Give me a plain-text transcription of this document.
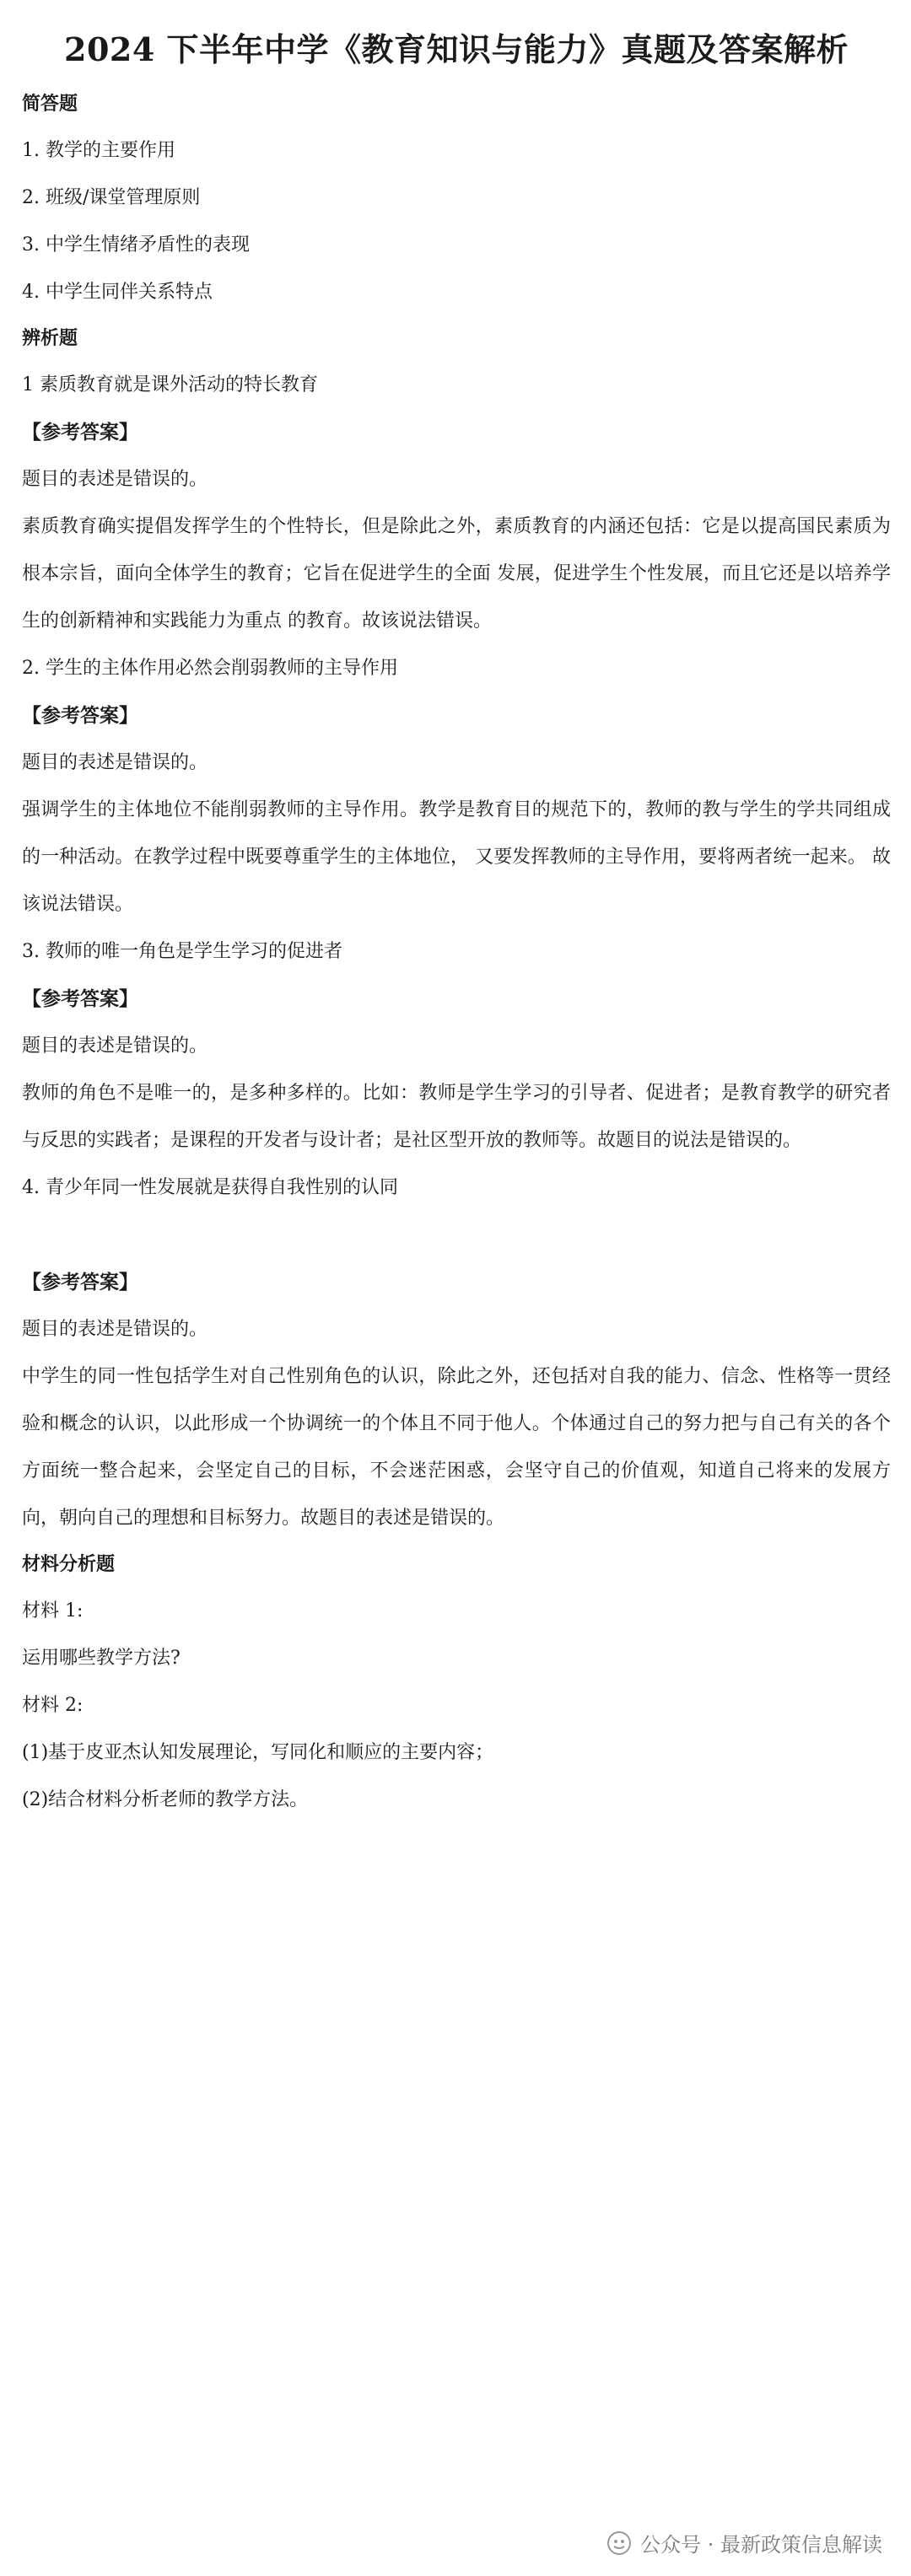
2024 下半年中学《教育知识与能力》真题及答案解析
简答题
1. 教学的主要作用
2. 班级/课堂管理原则
3. 中学生情绪矛盾性的表现
4. 中学生同伴关系特点
辨析题
1 素质教育就是课外活动的特长教育
【参考答案】
题目的表述是错误的。
素质教育确实提倡发挥学生的个性特长，但是除此之外，素质教育的内涵还包括：它是以提高国民素质为根本宗旨，面向全体学生的教育；它旨在促进学生的全面 发展，促进学生个性发展，而且它还是以培养学生的创新精神和实践能力为重点 的教育。故该说法错误。
2. 学生的主体作用必然会削弱教师的主导作用
【参考答案】
题目的表述是错误的。
强调学生的主体地位不能削弱教师的主导作用。教学是教育目的规范下的，教师的教与学生的学共同组成的一种活动。在教学过程中既要尊重学生的主体地位， 又要发挥教师的主导作用，要将两者统一起来。 故该说法错误。
3. 教师的唯一角色是学生学习的促进者
【参考答案】
题目的表述是错误的。
教师的角色不是唯一的，是多种多样的。比如：教师是学生学习的引导者、促进者；是教育教学的研究者与反思的实践者；是课程的开发者与设计者；是社区型开放的教师等。故题目的说法是错误的。
4. 青少年同一性发展就是获得自我性别的认同
【参考答案】
题目的表述是错误的。
中学生的同一性包括学生对自己性别角色的认识，除此之外，还包括对自我的能力、信念、性格等一贯经验和概念的认识，以此形成一个协调统一的个体且不同于他人。个体通过自己的努力把与自己有关的各个方面统一整合起来，会坚定自己的目标，不会迷茫困惑，会坚守自己的价值观，知道自己将来的发展方向，朝向自己的理想和目标努力。故题目的表述是错误的。
材料分析题
材料 1:
运用哪些教学方法?
材料 2:
(1)基于皮亚杰认知发展理论，写同化和顺应的主要内容；
(2)结合材料分析老师的教学方法。
公众号 · 最新政策信息解读
